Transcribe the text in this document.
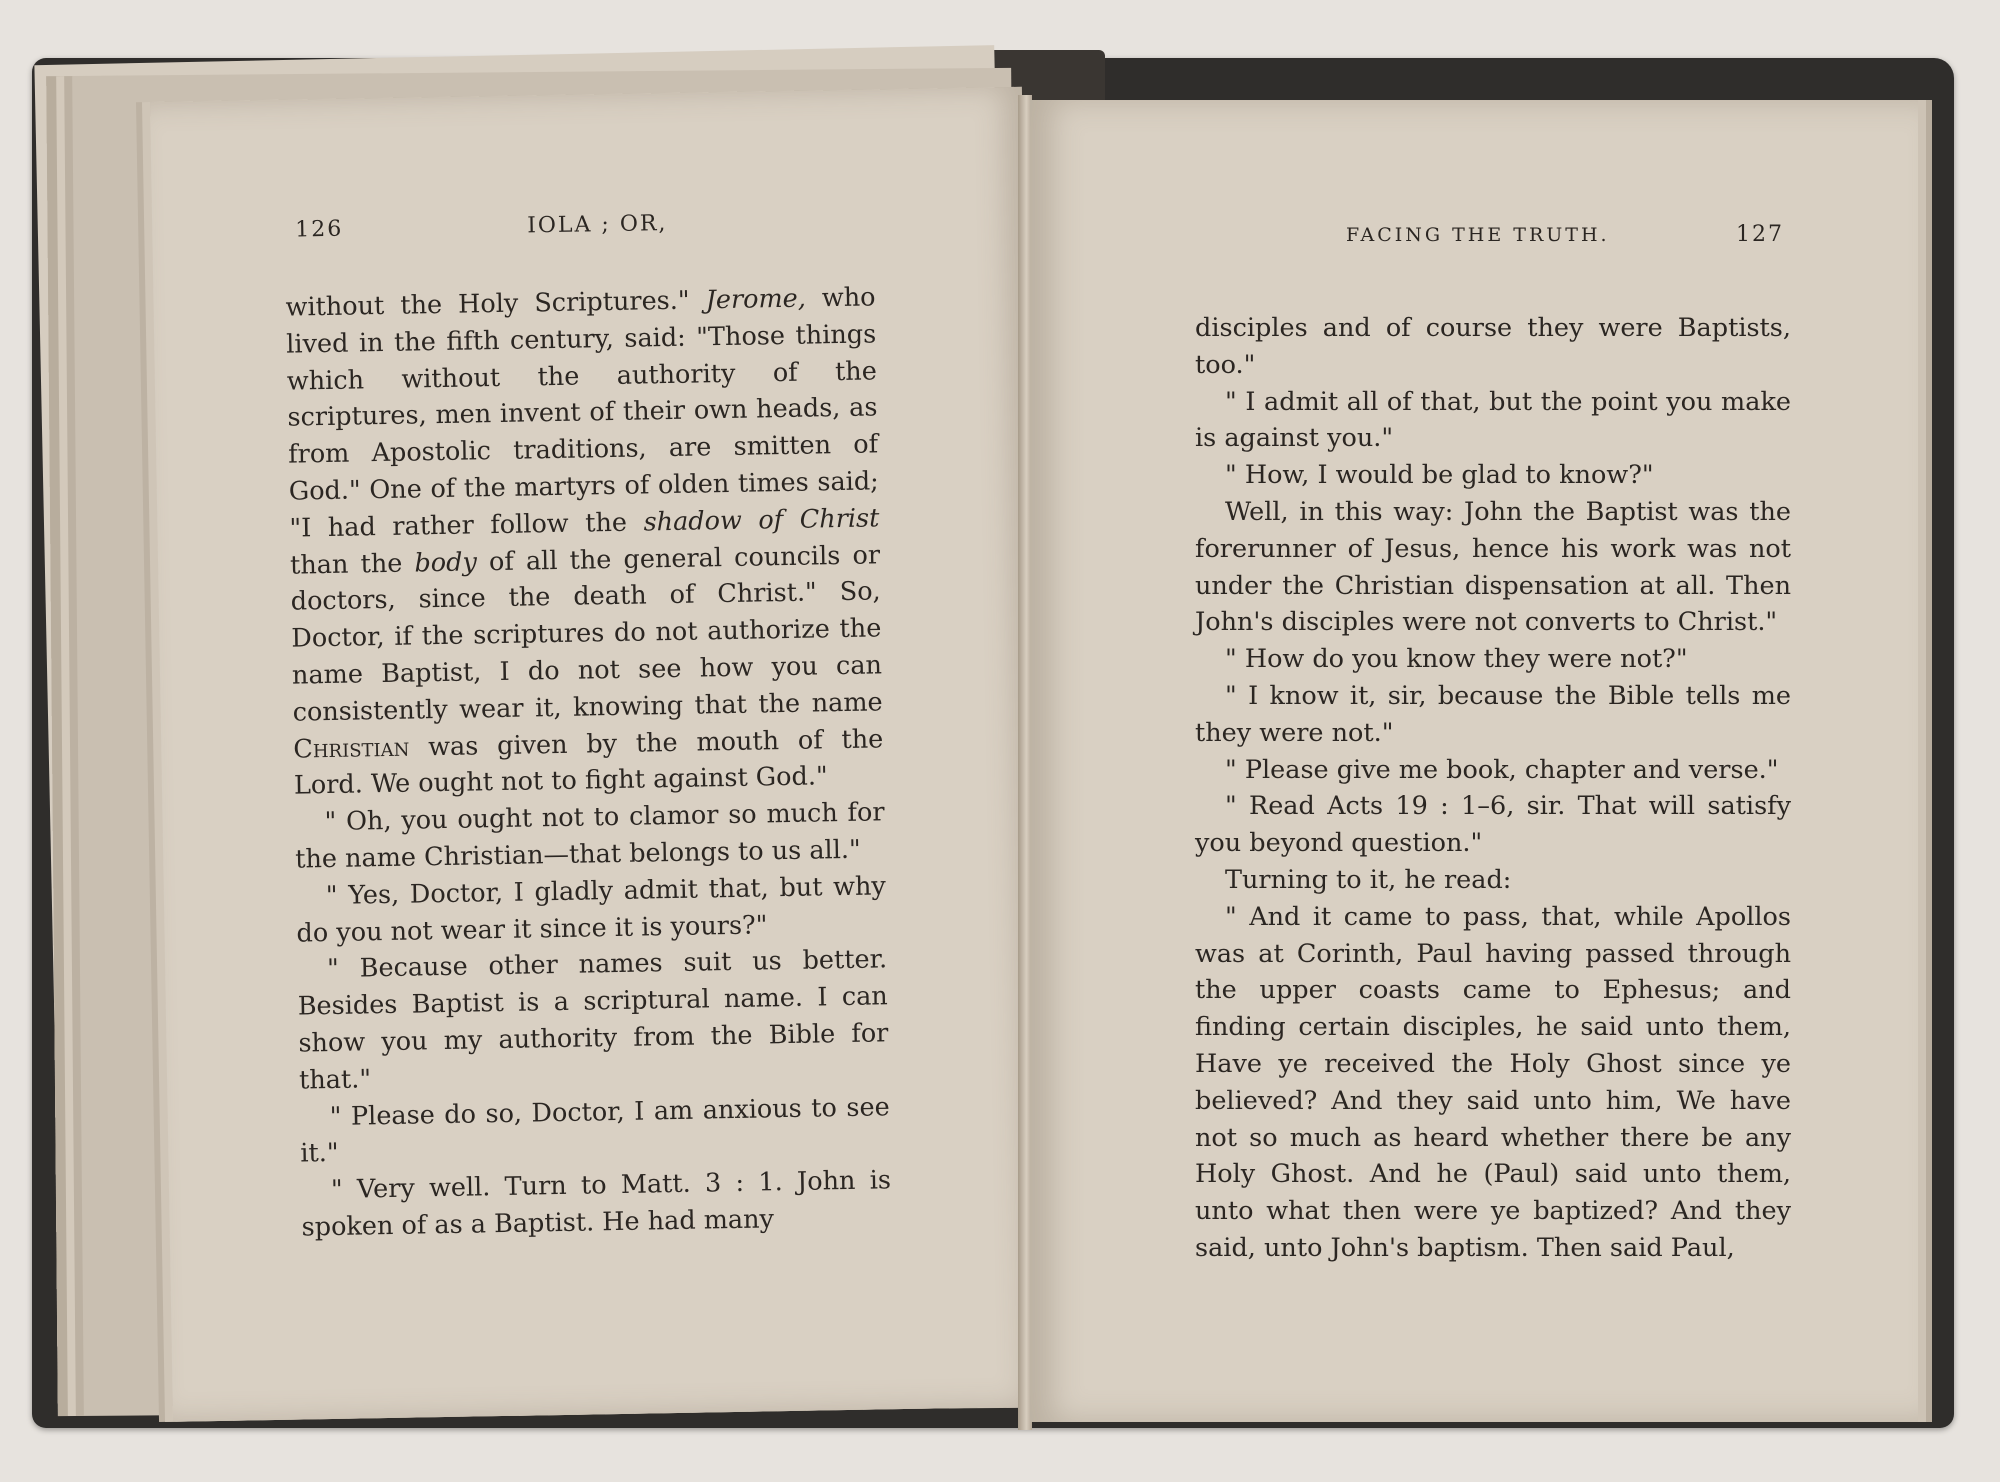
126	IOLA ; OR,

without the Holy Scriptures." Jerome, who lived in the fifth century, said: "Those things which without the authority of the scriptures, men invent of their own heads, as from Apostolic traditions, are smitten of God." One of the martyrs of olden times said; "I had rather follow the shadow of Christ than the body of all the general councils or doctors, since the death of Christ." So, Doctor, if the scriptures do not authorize the name Baptist, I do not see how you can consistently wear it, knowing that the name Christian was given by the mouth of the Lord. We ought not to fight against God."

" Oh, you ought not to clamor so much for the name Christian—that belongs to us all."

" Yes, Doctor, I gladly admit that, but why do you not wear it since it is yours?"

" Because other names suit us better. Besides Baptist is a scriptural name. I can show you my authority from the Bible for that."

" Please do so, Doctor, I am anxious to see it."

" Very well. Turn to Matt. 3 : 1. John is spoken of as a Baptist. He had many

FACING THE TRUTH.	127

disciples and of course they were Baptists, too."

" I admit all of that, but the point you make is against you."

" How, I would be glad to know?"

Well, in this way: John the Baptist was the forerunner of Jesus, hence his work was not under the Christian dispensation at all. Then John's disciples were not converts to Christ."

" How do you know they were not?"

" I know it, sir, because the Bible tells me they were not."

" Please give me book, chapter and verse."

" Read Acts 19 : 1–6, sir. That will satisfy you beyond question."

Turning to it, he read:

" And it came to pass, that, while Apollos was at Corinth, Paul having passed through the upper coasts came to Ephesus; and finding certain disciples, he said unto them, Have ye received the Holy Ghost since ye believed? And they said unto him, We have not so much as heard whether there be any Holy Ghost. And he (Paul) said unto them, unto what then were ye baptized? And they said, unto John's baptism. Then said Paul,
